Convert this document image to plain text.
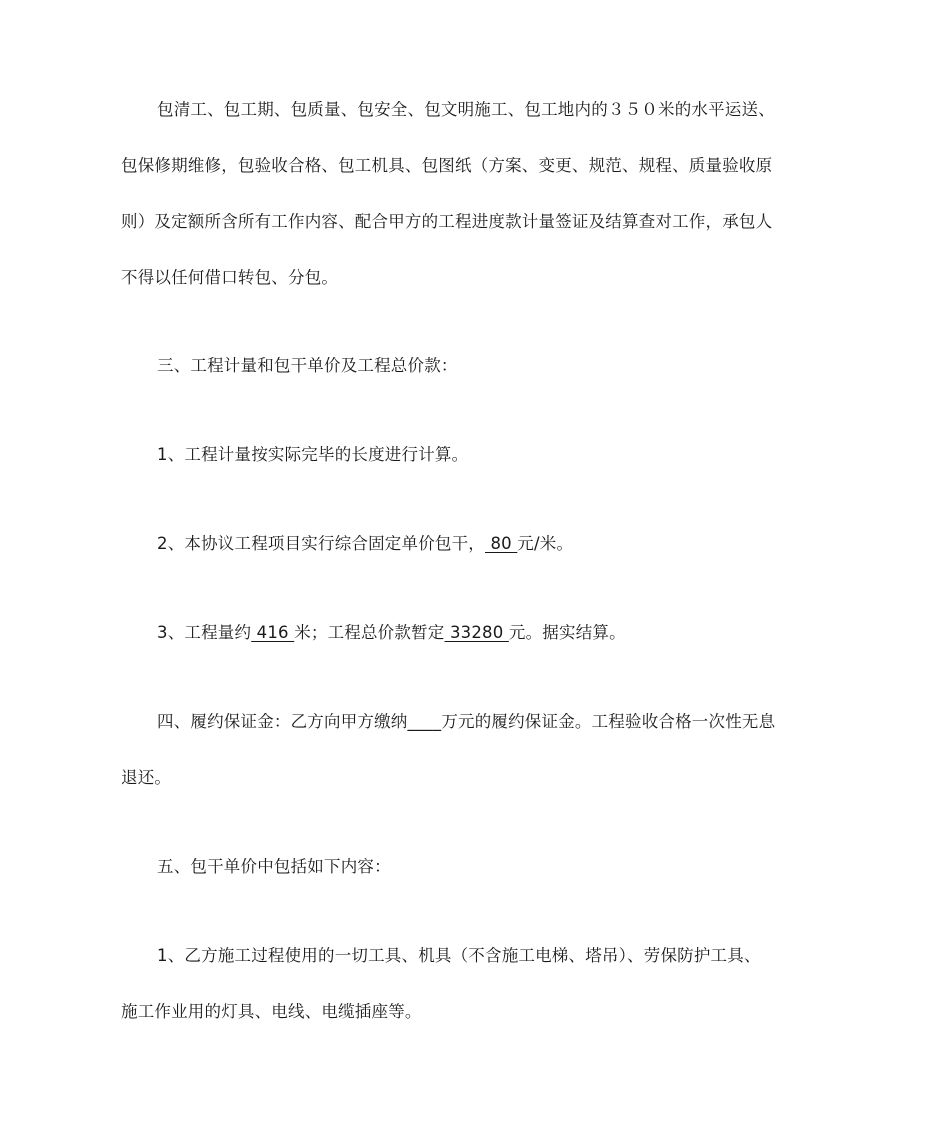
包清工、包工期、包质量、包安全、包文明施工、包工地内的３５０米的水平运送、
包保修期维修，包验收合格、包工机具、包图纸（方案、变更、规范、规程、质量验收原
则）及定额所含所有工作内容、配合甲方的工程进度款计量签证及结算查对工作，承包人
不得以任何借口转包、分包。
三、工程计量和包干单价及工程总价款：
1、工程计量按实际完毕的长度进行计算。
2、本协议工程项目实行综合固定单价包干， 80 元/米。
3、工程量约 416 米；工程总价款暂定 33280 元。据实结算。
四、履约保证金：乙方向甲方缴纳____万元的履约保证金。工程验收合格一次性无息
退还。
五、包干单价中包括如下内容：
1、乙方施工过程使用的一切工具、机具（不含施工电梯、塔吊）、劳保防护工具、
施工作业用的灯具、电线、电缆插座等。
